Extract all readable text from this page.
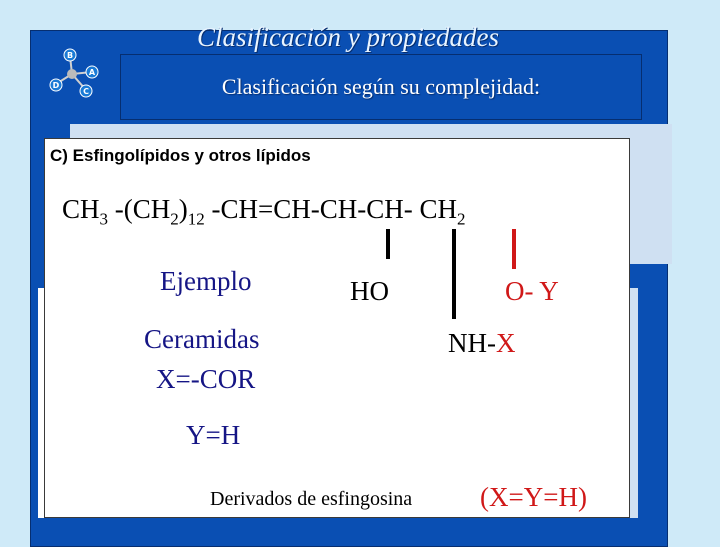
Clasificación y propiedades
B
A
C
D	Clasificación según su complejidad:
C) Esfingolípidos y otros lípidos
$CH_3$ $-(CH_2)_{12}$ -CH=CH-CH-CH- $CH_2$
Ejemplo	HO	O- Y
NH-X
Ceramidas
X=-COR
Y=H
Derivados de esfingosina	(X=Y=H)
